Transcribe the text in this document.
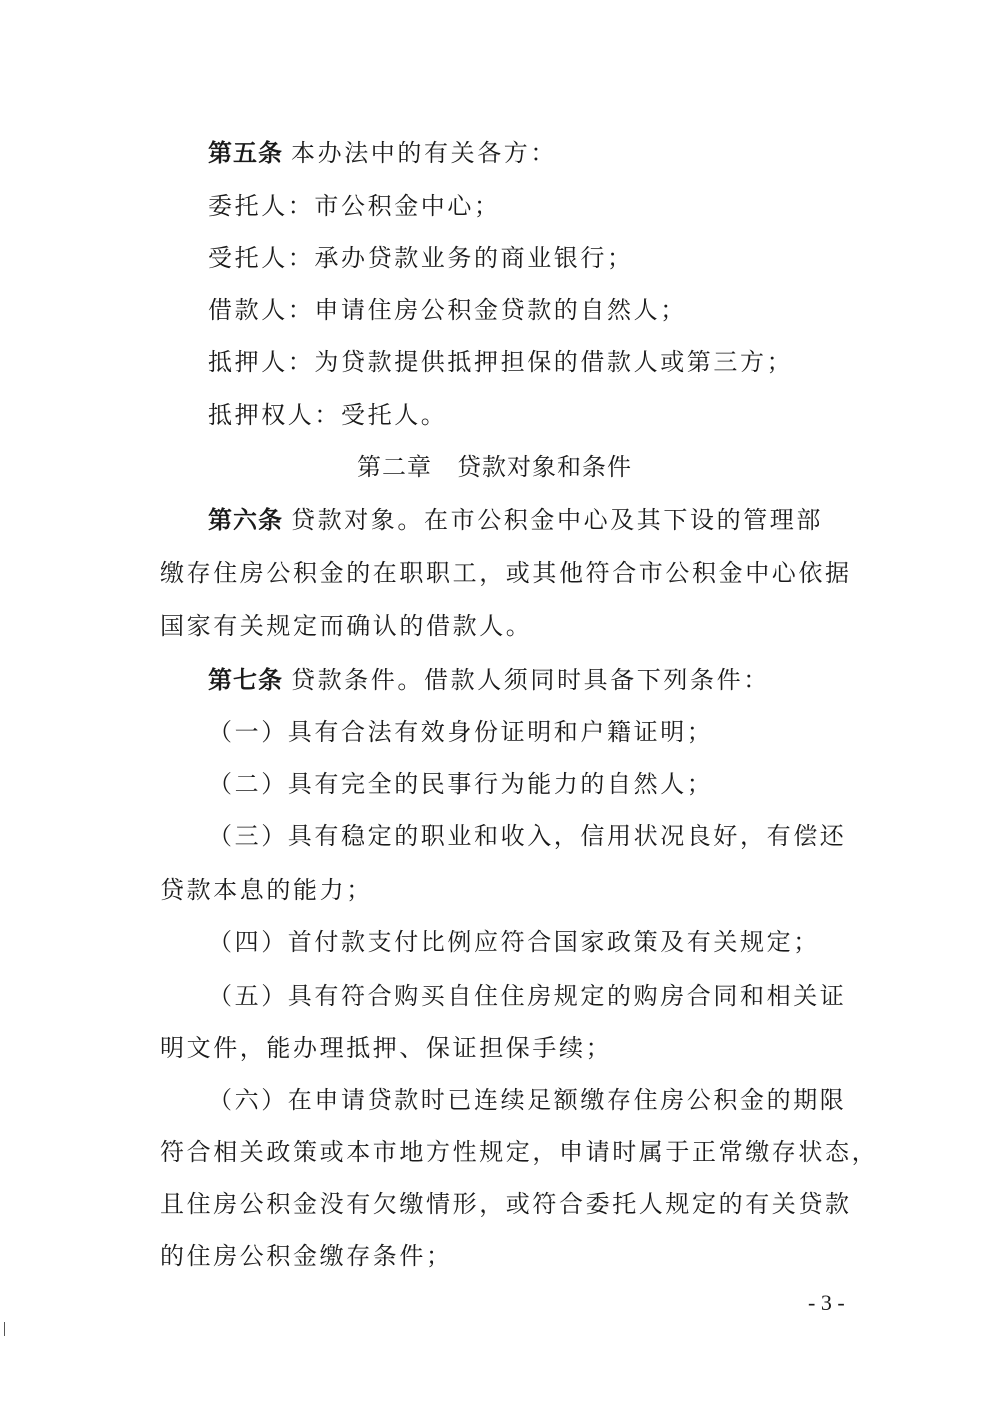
第五条 本办法中的有关各方：
委托人：市公积金中心；
受托人：承办贷款业务的商业银行；
借款人：申请住房公积金贷款的自然人；
抵押人：为贷款提供抵押担保的借款人或第三方；
抵押权人：受托人。
第二章　贷款对象和条件
第六条 贷款对象。在市公积金中心及其下设的管理部
缴存住房公积金的在职职工，或其他符合市公积金中心依据
国家有关规定而确认的借款人。
第七条 贷款条件。借款人须同时具备下列条件：
（一）具有合法有效身份证明和户籍证明；
（二）具有完全的民事行为能力的自然人；
（三）具有稳定的职业和收入，信用状况良好，有偿还
贷款本息的能力；
（四）首付款支付比例应符合国家政策及有关规定；
（五）具有符合购买自住住房规定的购房合同和相关证
明文件，能办理抵押、保证担保手续；
（六）在申请贷款时已连续足额缴存住房公积金的期限
符合相关政策或本市地方性规定，申请时属于正常缴存状态，
且住房公积金没有欠缴情形，或符合委托人规定的有关贷款
的住房公积金缴存条件；
- 3 -
